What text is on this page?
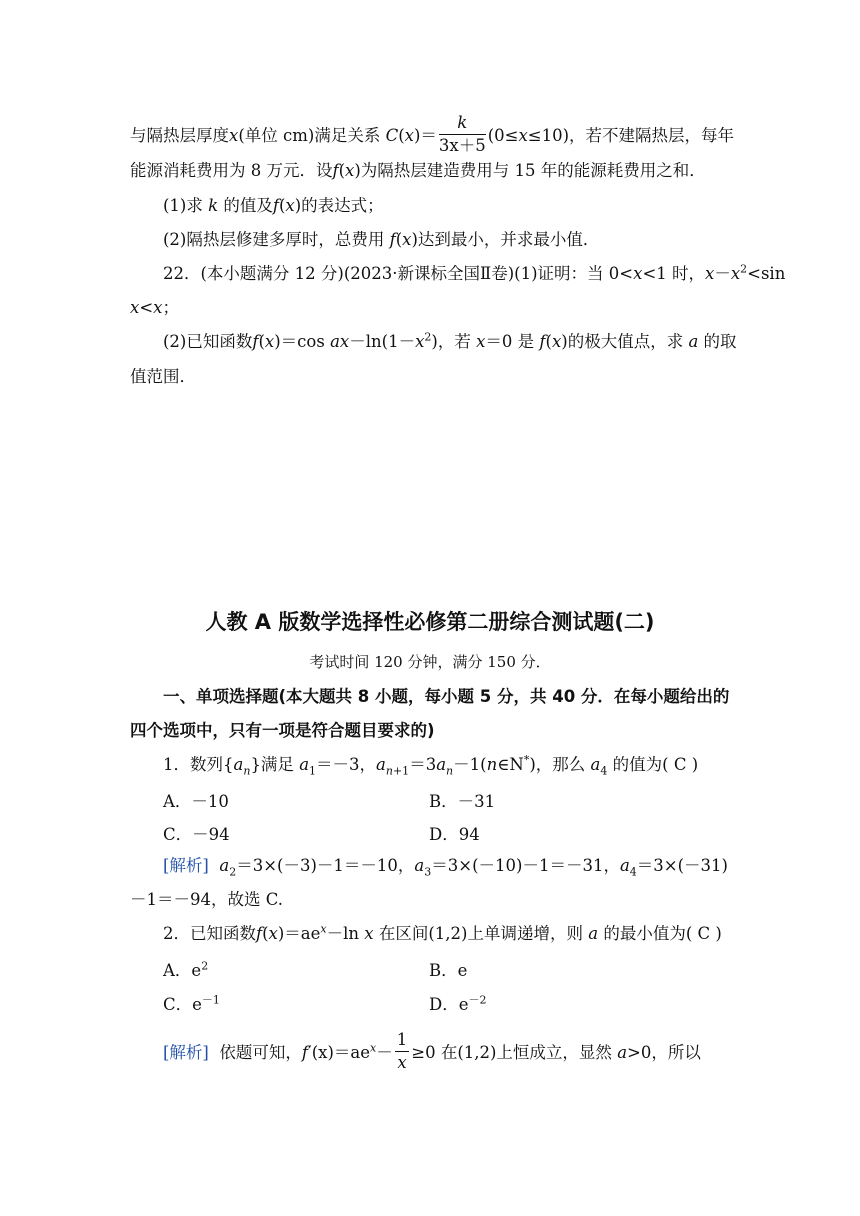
与隔热层厚度x(单位 cm)满足关系 $C(x)= \frac{k}{3x+5} (0\le x\le 10)$，若不建隔热层，每年
能源消耗费用为 8 万元．设f(x)为隔热层建造费用与 15 年的能源耗费用之和．
(1)求 k 的值及f(x)的表达式；
(2)隔热层修建多厚时，总费用 f(x)达到最小，并求最小值．
22．(本小题满分 12 分)(2023·新课标全国Ⅱ卷)(1)证明：当 0<x<1 时，$x-x^2<\sin$
x<x；
(2)已知函数f(x)＝cos $ax-\ln(1-x^2)$，若 x＝0 是 f(x)的极大值点，求 a 的取
值范围．
人教 A 版数学选择性必修第二册综合测试题(二)
考试时间 120 分钟，满分 150 分．
一、单项选择题(本大题共 8 小题，每小题 5 分，共 40 分．在每小题给出的
四个选项中，只有一项是符合题目要求的)
1．数列$\{a_n\}$满足 $a_1=-3$，$a_{n+1}=3a_n-1(n\in N^*)$，那么 $a_4$ 的值为( C )
A．－10	B．－31
C．－94	D．94
[解析] $a_2=3\times(-3)-1=-10$，$a_3=3\times(-10)-1=-31$，$a_4=3\times(-31)$
－1＝－94，故选 C.
2．已知函数$f(x)=ae^x-\ln$ x 在区间(1,2)上单调递增，则 a 的最小值为( C )
A．$e^2$	B．e
C．$e^{-1}$	D．$e^{-2}$
[解析] 依题可知，$f'(x)=ae^x- \frac{1}{x} \ge 0$ 在(1,2)上恒成立，显然 a>0，所以
